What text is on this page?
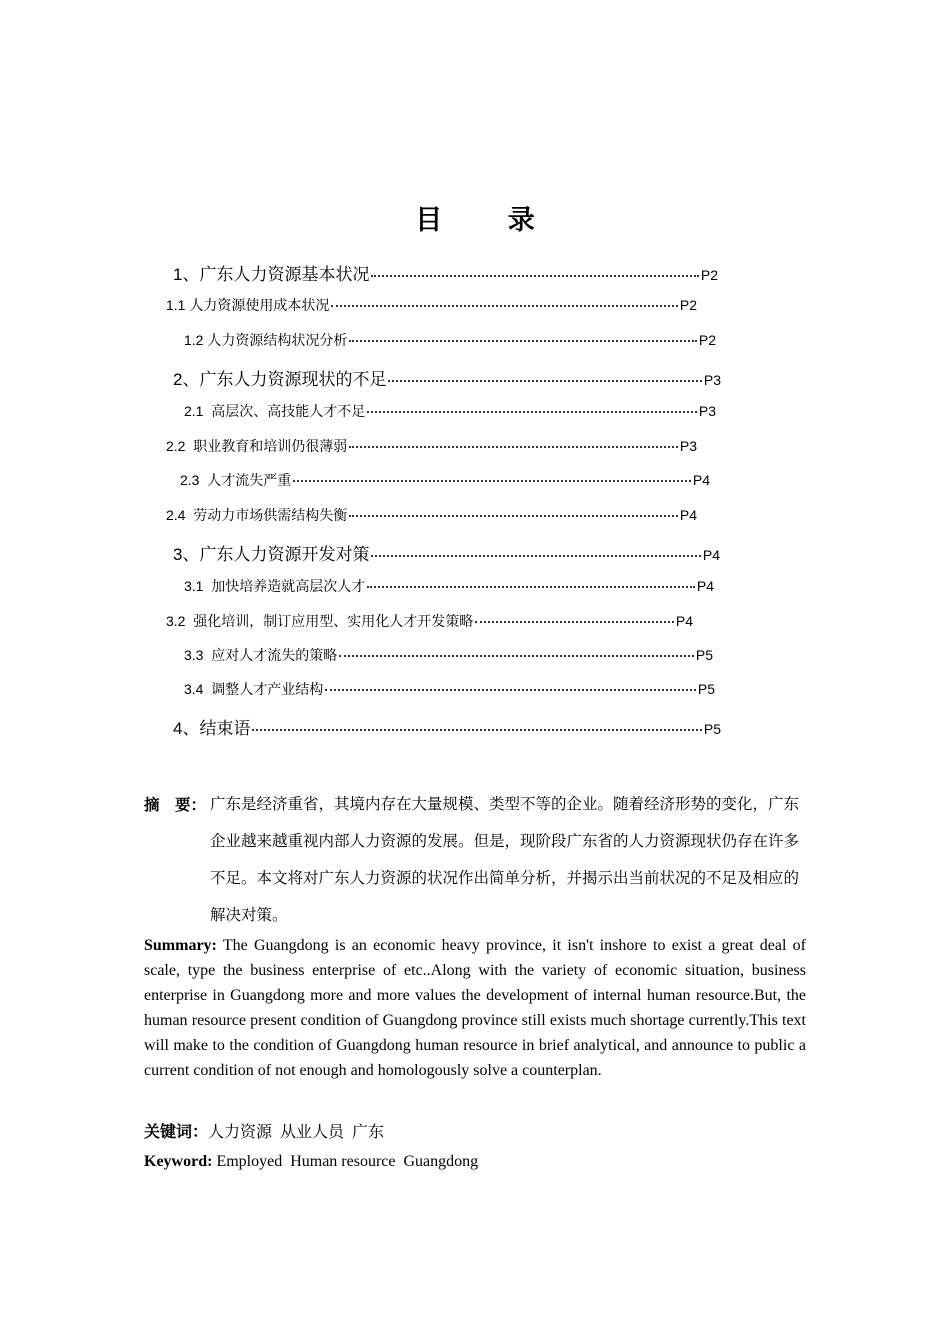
目 录
1、广东人力资源基本状况	P2
1.1 人力资源使用成本状况	P2
1.2 人力资源结构状况分析	P2
2、广东人力资源现状的不足	P3
2.1  高层次、高技能人才不足	P3
2.2  职业教育和培训仍很薄弱	P3
2.3  人才流失严重	P4
2.4  劳动力市场供需结构失衡	P4
3、广东人力资源开发对策	P4
3.1  加快培养造就高层次人才	P4
3.2  强化培训，制订应用型、实用化人才开发策略	P4
3.3  应对人才流失的策略	P5
3.4  调整人才产业结构	P5
4、结束语	P5
摘　要： 广东是经济重省，其境内存在大量规模、类型不等的企业。随着经济形势的变化，广东企业越来越重视内部人力资源的发展。但是，现阶段广东省的人力资源现状仍存在许多不足。本文将对广东人力资源的状况作出简单分析，并揭示出当前状况的不足及相应的解决对策。
Summary: The Guangdong is an economic heavy province, it isn't inshore to exist a great deal of scale, type the business enterprise of etc..Along with the variety of economic situation, business enterprise in Guangdong more and more values the development of internal human resource.But, the human resource present condition of Guangdong province still exists much shortage currently.This text will make to the condition of Guangdong human resource in brief analytical, and announce to public a current condition of not enough and homologously solve a counterplan.
关键词：人力资源  从业人员  广东
Keyword: Employed  Human resource  Guangdong
